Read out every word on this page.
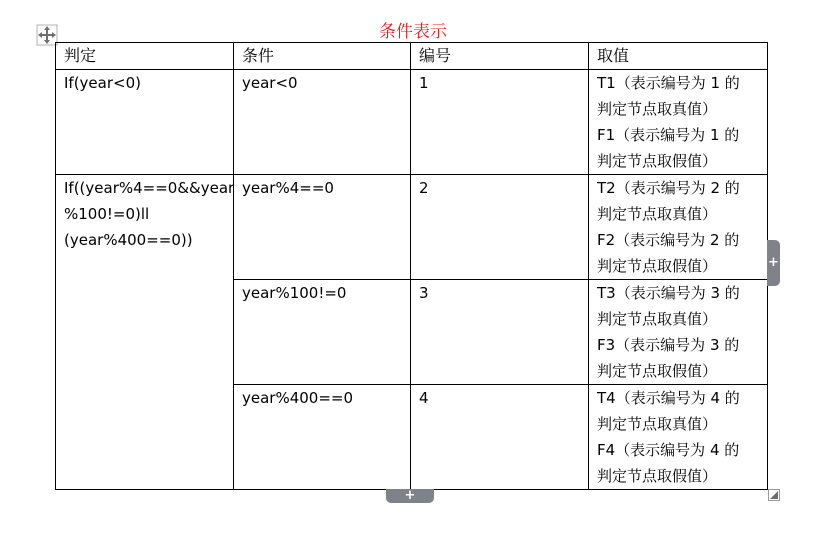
条件表示
判定	条件	编号	取值
If(year<0)	year<0	1	T1（表示编号为 1 的
判定节点取真值）
F1（表示编号为 1 的
判定节点取假值）

If((year%4==0&&year
%100!=0)ll
(year%400==0))	year%4==0	2	T2（表示编号为 2 的
判定节点取真值）
F2（表示编号为 2 的
判定节点取假值）

	year%100!=0	3	T3（表示编号为 3 的
判定节点取真值）
F3（表示编号为 3 的
判定节点取假值）

	year%400==0	4	T4（表示编号为 4 的
判定节点取真值）
F4（表示编号为 4 的
判定节点取假值）
+
+
